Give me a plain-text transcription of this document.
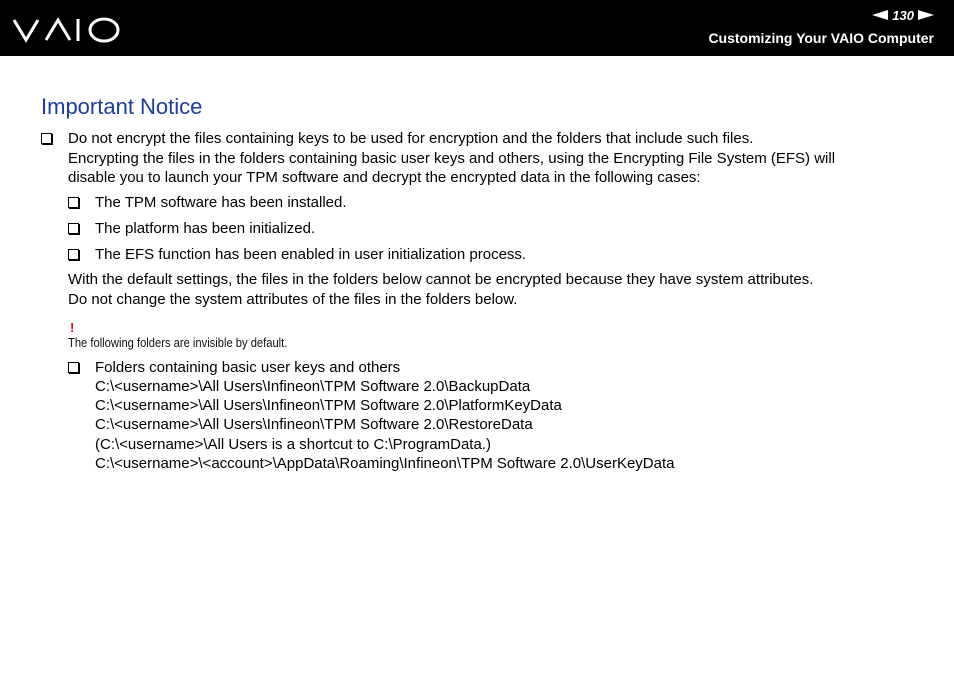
130
Customizing Your VAIO Computer
Important Notice
Do not encrypt the files containing keys to be used for encryption and the folders that include such files.
Encrypting the files in the folders containing basic user keys and others, using the Encrypting File System (EFS) will
disable you to launch your TPM software and decrypt the encrypted data in the following cases:
The TPM software has been installed.
The platform has been initialized.
The EFS function has been enabled in user initialization process.
With the default settings, the files in the folders below cannot be encrypted because they have system attributes.
Do not change the system attributes of the files in the folders below.
!
The following folders are invisible by default.
Folders containing basic user keys and others
C:\<username>\All Users\Infineon\TPM Software 2.0\BackupData
C:\<username>\All Users\Infineon\TPM Software 2.0\PlatformKeyData
C:\<username>\All Users\Infineon\TPM Software 2.0\RestoreData
(C:\<username>\All Users is a shortcut to C:\ProgramData.)
C:\<username>\<account>\AppData\Roaming\Infineon\TPM Software 2.0\UserKeyData
